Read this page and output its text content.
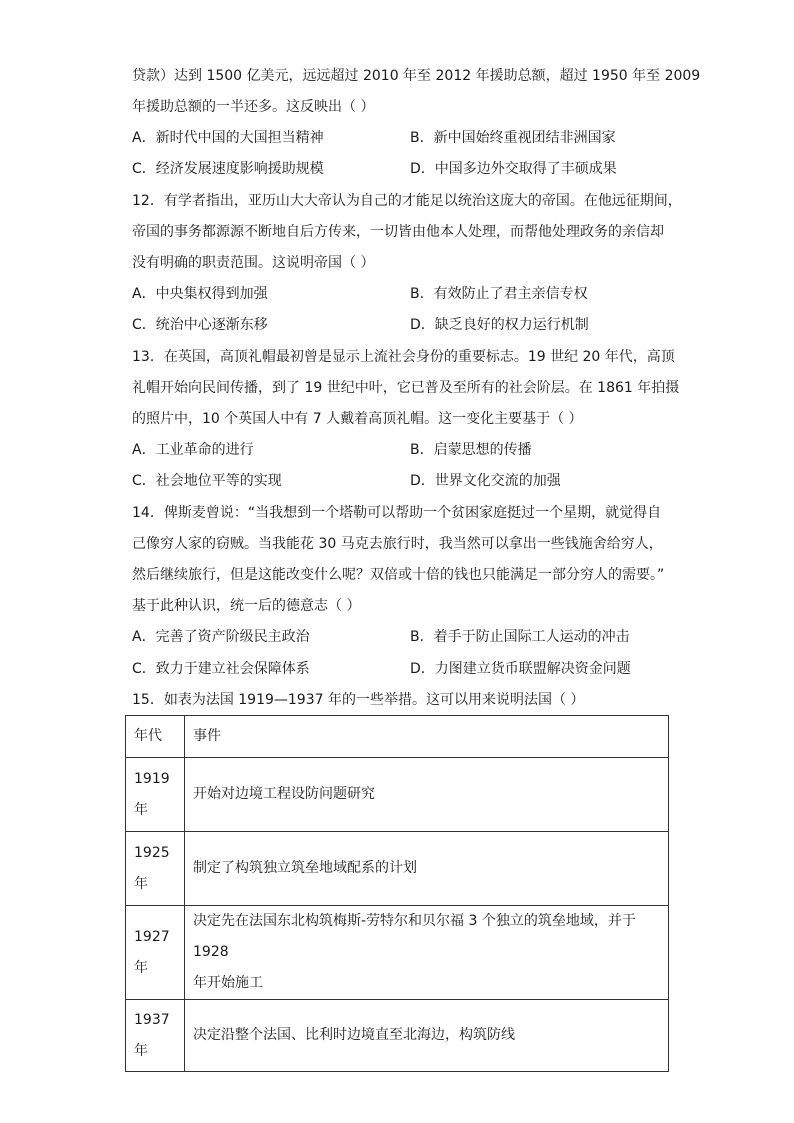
贷款）达到 1500 亿美元，远远超过 2010 年至 2012 年援助总额，超过 1950 年至 2009
年援助总额的一半还多。这反映出（ ）
A．新时代中国的大国担当精神	B．新中国始终重视团结非洲国家
C．经济发展速度影响援助规模	D．中国多边外交取得了丰硕成果
12．有学者指出，亚历山大大帝认为自己的才能足以统治这庞大的帝国。在他远征期间，
帝国的事务都源源不断地自后方传来，一切皆由他本人处理，而帮他处理政务的亲信却
没有明确的职责范围。这说明帝国（ ）
A．中央集权得到加强	B．有效防止了君主亲信专权
C．统治中心逐渐东移	D．缺乏良好的权力运行机制
13．在英国，高顶礼帽最初曾是显示上流社会身份的重要标志。19 世纪 20 年代，高顶
礼帽开始向民间传播，到了 19 世纪中叶，它已普及至所有的社会阶层。在 1861 年拍摄
的照片中，10 个英国人中有 7 人戴着高顶礼帽。这一变化主要基于（ ）
A．工业革命的进行	B．启蒙思想的传播
C．社会地位平等的实现	D．世界文化交流的加强
14．俾斯麦曾说：“当我想到一个塔勒可以帮助一个贫困家庭挺过一个星期，就觉得自
己像穷人家的窃贼。当我能花 30 马克去旅行时，我当然可以拿出一些钱施舍给穷人，
然后继续旅行，但是这能改变什么呢？双倍或十倍的钱也只能满足一部分穷人的需要。”
基于此种认识，统一后的德意志（ ）
A．完善了资产阶级民主政治	B．着手于防止国际工人运动的冲击
C．致力于建立社会保障体系	D．力图建立货币联盟解决资金问题
15．如表为法国 1919—1937 年的一些举措。这可以用来说明法国（ ）
年代	事件

1919
年	开始对边境工程设防问题研究

1925
年	制定了构筑独立筑垒地域配系的计划

1927
年	决定先在法国东北构筑梅斯-劳特尔和贝尔福 3 个独立的筑垒地域，并于 1928
年开始施工

1937
年	决定沿整个法国、比利时边境直至北海边，构筑防线
